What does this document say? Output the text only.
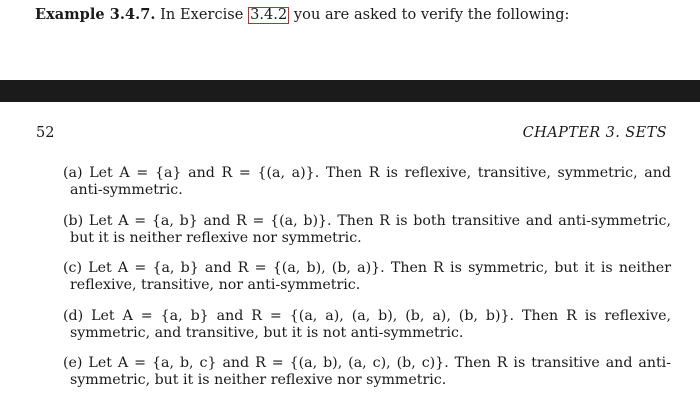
Example 3.4.7. In Exercise 3.4.2 you are asked to verify the following:
52	CHAPTER 3. SETS
(a) Let A = {a} and R = {(a, a)}. Then R is reflexive, transitive, symmetric, and anti-symmetric.
(b) Let A = {a, b} and R = {(a, b)}. Then R is both transitive and anti-symmetric, but it is neither reflexive nor symmetric.
(c) Let A = {a, b} and R = {(a, b), (b, a)}. Then R is symmetric, but it is neither reflexive, transitive, nor anti-symmetric.
(d) Let A = {a, b} and R = {(a, a), (a, b), (b, a), (b, b)}. Then R is reflexive, symmetric, and transitive, but it is not anti-symmetric.
(e) Let A = {a, b, c} and R = {(a, b), (a, c), (b, c)}. Then R is transitive and anti-symmetric, but it is neither reflexive nor symmetric.
